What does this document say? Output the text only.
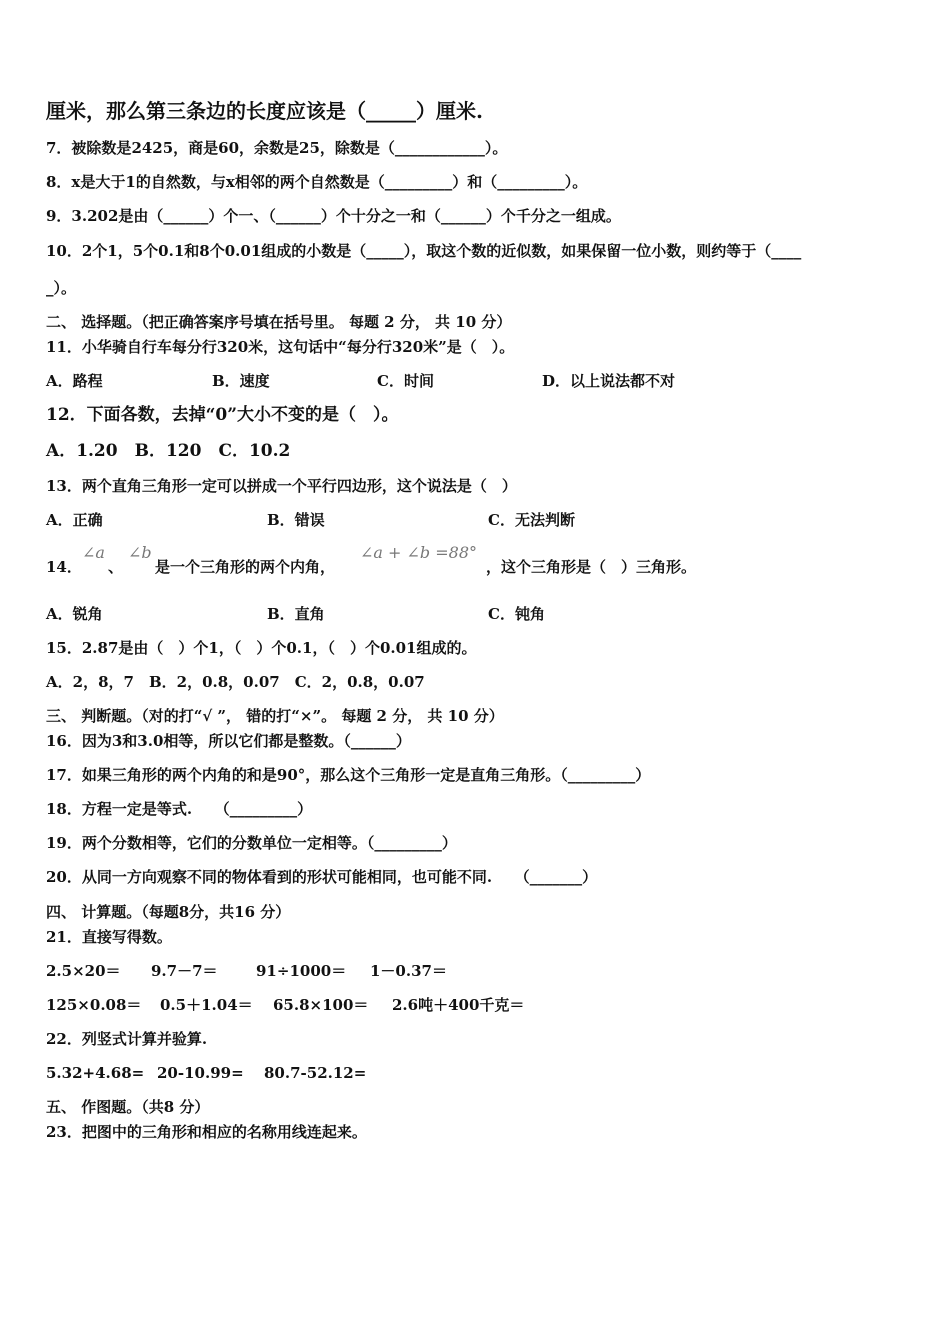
厘米，那么第三条边的长度应该是（_____）厘米.
7．被除数是2425，商是60，余数是25，除数是（____________）。
8．x是大于1的自然数，与x相邻的两个自然数是（_________）和（_________）。
9．3.202是由（______）个一、（______）个十分之一和（______）个千分之一组成。
10．2个1，5个0.1和8个0.01组成的小数是（_____），取这个数的近似数，如果保留一位小数，则约等于（____
_）。
二、 选择题。（把正确答案序号填在括号里。 每题 2 分， 共 10 分）
11．小华骑自行车每分行320米，这句话中“每分行320米”是（　）。
A．路程	B．速度	C．时间	D．以上说法都不对
12．下面各数，去掉“0”大小不变的是（　）。
A．1.20　B．120　C．10.2
13．两个直角三角形一定可以拼成一个平行四边形，这个说法是（　）
A．正确	B．错误	C．无法判断
14．
∠a
、
∠b
是一个三角形的两个内角，
∠a + ∠b =88°
，这个三角形是（　）三角形。
A．锐角	B．直角	C．钝角
15．2.87是由（　）个1，（　）个0.1，（　）个0.01组成的。
A．2，8，7　B．2，0.8，0.07　C．2，0.8，0.07
三、 判断题。（对的打“√ ”， 错的打“×”。 每题 2 分， 共 10 分）
16．因为3和3.0相等，所以它们都是整数。（______）
17．如果三角形的两个内角的和是90°，那么这个三角形一定是直角三角形。（_________）
18．方程一定是等式.　　（_________）
19．两个分数相等，它们的分数单位一定相等。（_________）
20．从同一方向观察不同的物体看到的形状可能相同，也可能不同.　　（_______）
四、 计算题。（每题8分，共16 分）
21．直接写得数。
2.5×20＝ 9.7－7＝	91÷1000＝ 1－0.37＝
125×0.08＝ 0.5＋1.04＝ 65.8×100＝ 2.6吨＋400千克＝
22．列竖式计算并验算.
5.32+4.68= 20-10.99= 80.7-52.12=
五、 作图题。（共8 分）
23．把图中的三角形和相应的名称用线连起来。
